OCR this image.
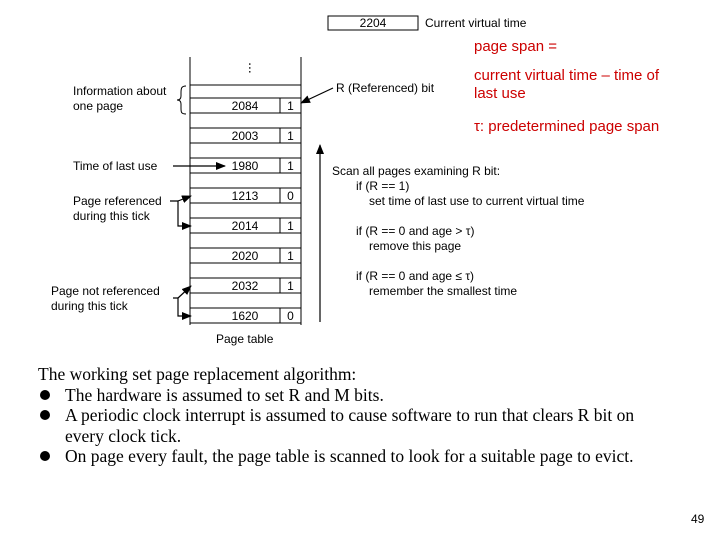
2204	Current virtual time
...
2084 1
2003 1
1980 1
1213 0
2014 1
2020 1
2032 1
1620 0
Information about
one page
Time of last use
Page referenced
during this tick
Page not referenced
during this tick
Page table
R (Referenced) bit
Scan all pages examining R bit:
if (R == 1)
set time of last use to current virtual time
if (R == 0 and age > τ)
remove this page
if (R == 0 and age ≤ τ)
remember the smallest time
page span =
current virtual time – time of
last use
τ: predetermined page span
The working set page replacement algorithm:
The hardware is assumed to set R and M bits.
A periodic clock interrupt is assumed to cause software to run that clears R bit on every clock tick.
On page every fault, the page table is scanned to look for a suitable page to evict.
49
